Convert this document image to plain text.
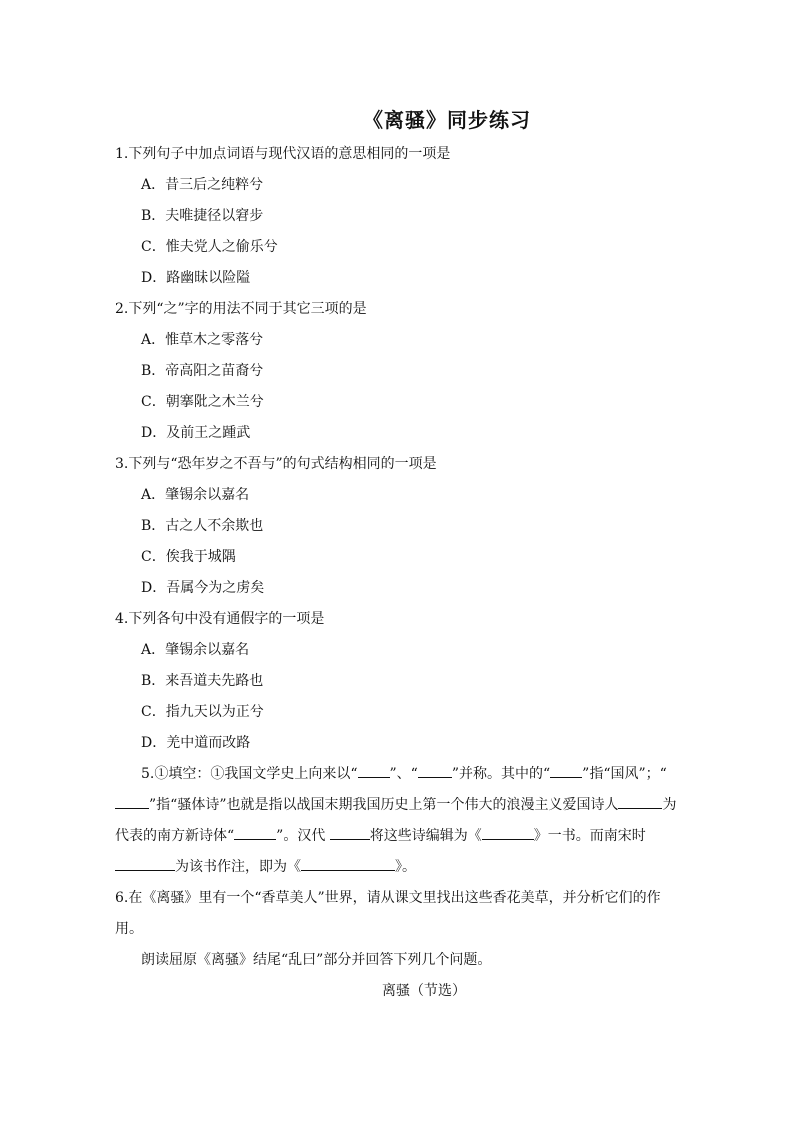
《离骚》同步练习
1.下列句子中加点词语与现代汉语的意思相同的一项是
A．昔三后之纯粹兮
B．夫唯捷径以窘步
C．惟夫党人之偷乐兮
D．路幽昧以险隘
2.下列“之”字的用法不同于其它三项的是
A．惟草木之零落兮
B．帝高阳之苗裔兮
C．朝搴阰之木兰兮
D．及前王之踵武
3.下列与“恐年岁之不吾与”的句式结构相同的一项是
A．肇锡余以嘉名
B．古之人不余欺也
C．俟我于城隅
D．吾属今为之虏矣
4.下列各句中没有通假字的一项是
A．肇锡余以嘉名
B．来吾道夫先路也
C．指九天以为正兮
D．羌中道而改路
5.①填空：①我国文学史上向来以“ ”、“ ”并称。其中的“ ”指“国风”；“”指“骚体诗”也就是指以战国末期我国历史上第一个伟大的浪漫主义爱国诗人	为代表的南方新诗体“	”。汉代	将这些诗编辑为《	》一书。而南宋时为该书作注，即为《	》。
6.在《离骚》里有一个“香草美人”世界，请从课文里找出这些香花美草，并分析它们的作用。
朗读屈原《离骚》结尾“乱曰”部分并回答下列几个问题。
离骚（节选）
